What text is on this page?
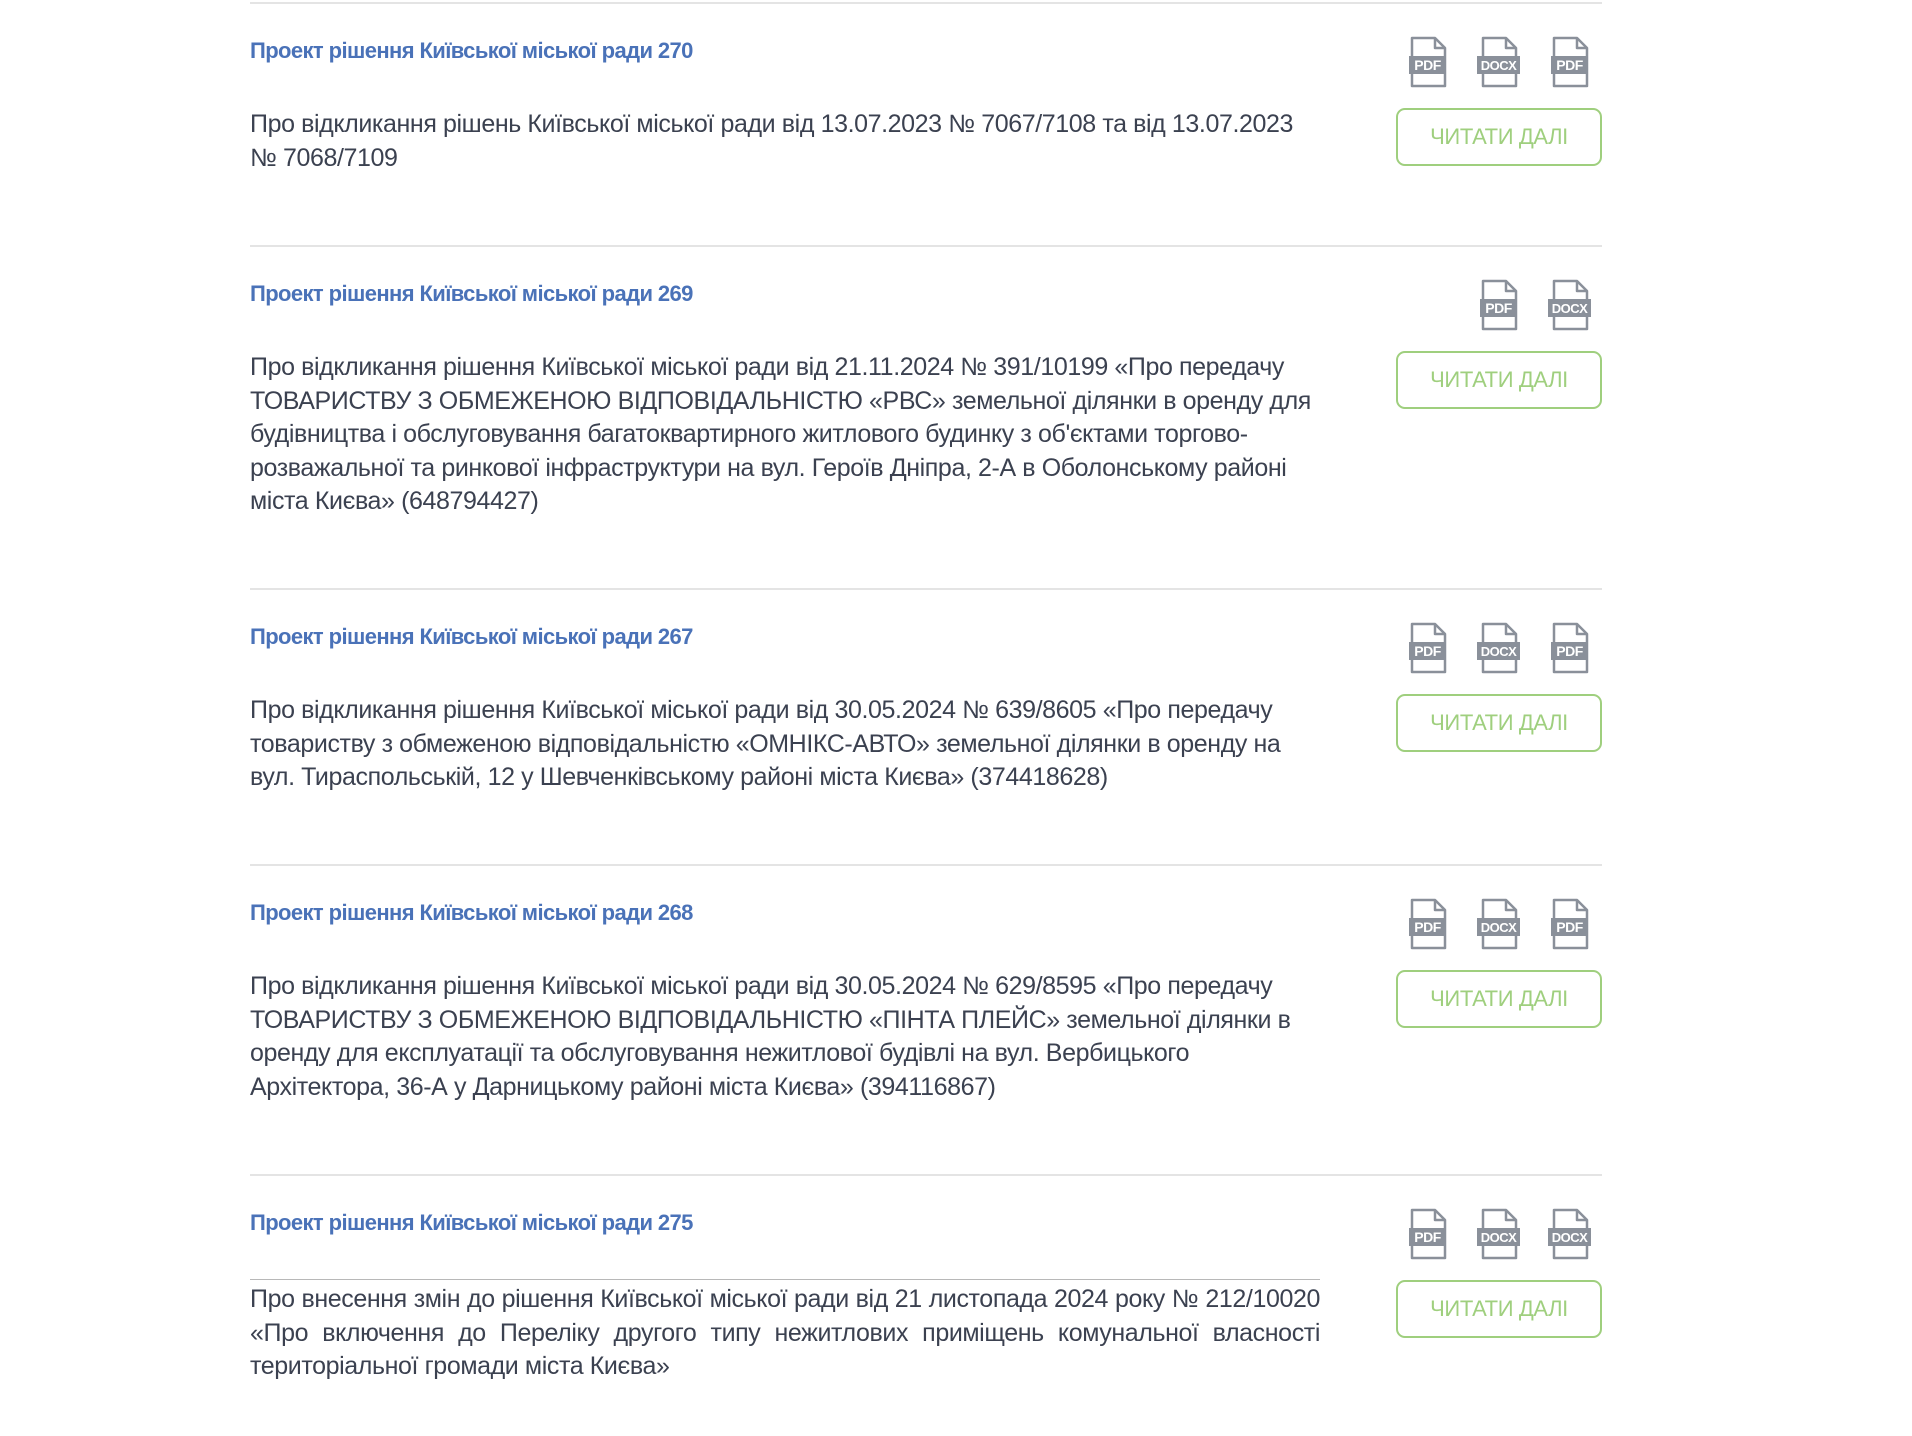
Проект рішення Київської міської ради 270

Про відкликання рішень Київської міської ради від 13.07.2023 № 7067/7108 та від 13.07.2023 № 7068/7109

PDF	DOCX	PDF
ЧИТАТИ ДАЛІ
Проект рішення Київської міської ради 269

Про відкликання рішення Київської міської ради від 21.11.2024 № 391/10199 «Про передачу ТОВАРИСТВУ З ОБМЕЖЕНОЮ ВІДПОВІДАЛЬНІСТЮ «РВС» земельної ділянки в оренду для будівництва і обслуговування багатоквартирного житлового будинку з об'єктами торгово-розважальної та ринкової інфраструктури на вул. Героїв Дніпра, 2-А в Оболонському районі міста Києва» (648794427)

PDF	DOCX
ЧИТАТИ ДАЛІ
Проект рішення Київської міської ради 267

Про відкликання рішення Київської міської ради від 30.05.2024 № 639/8605 «Про передачу товариству з обмеженою відповідальністю «ОМНІКС-АВТО» земельної ділянки в оренду на вул. Тираспольській, 12 у Шевченківському районі міста Києва» (374418628)

PDF	DOCX	PDF
ЧИТАТИ ДАЛІ
Проект рішення Київської міської ради 268

Про відкликання рішення Київської міської ради від 30.05.2024 № 629/8595 «Про передачу ТОВАРИСТВУ З ОБМЕЖЕНОЮ ВІДПОВІДАЛЬНІСТЮ «ПІНТА ПЛЕЙС» земельної ділянки в оренду для експлуатації та обслуговування нежитлової будівлі на вул. Вербицького Архітектора, 36-А у Дарницькому районі міста Києва» (394116867)

PDF	DOCX	PDF
ЧИТАТИ ДАЛІ
Проект рішення Київської міської ради 275

Про внесення змін до рішення Київської міської ради від 21 листопада 2024 року № 212/10020 «Про включення до Переліку другого типу нежитлових приміщень комунальної власності територіальної громади міста Києва»

PDF	DOCX	DOCX
ЧИТАТИ ДАЛІ
